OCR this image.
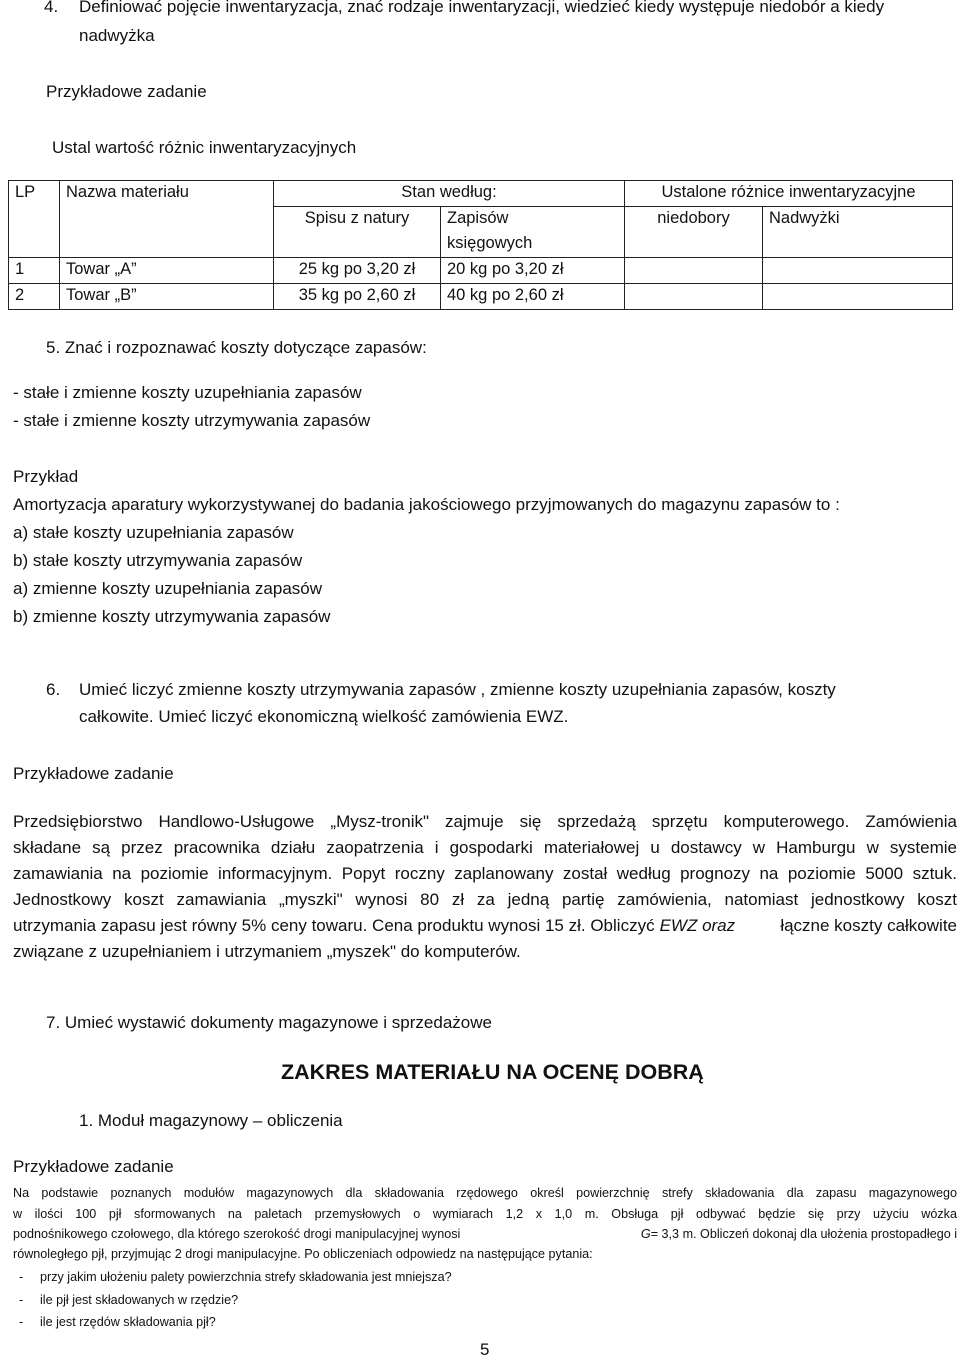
4. Definiować pojęcie inwentaryzacja, znać rodzaje inwentaryzacji, wiedzieć kiedy występuje niedobór a kiedy
nadwyżka
Przykładowe zadanie
Ustal wartość różnic inwentaryzacyjnych
LP	Nazwa materiału	Stan według:		Ustalone różnice inwentaryzacyjne	
		Spisu z natury	Zapisów	niedobory	Nadwyżki
			księgowych		
1	Towar „A”	25 kg po 3,20 zł	20 kg po 3,20 zł		
2	Towar „B”	35 kg po 2,60 zł	40 kg po 2,60 zł		
5. Znać i rozpoznawać koszty dotyczące zapasów:
- stałe i zmienne koszty uzupełniania zapasów
- stałe i zmienne koszty utrzymywania zapasów
Przykład
Amortyzacja aparatury wykorzystywanej do badania jakościowego przyjmowanych do magazynu zapasów to :
a) stałe koszty uzupełniania zapasów
b) stałe koszty utrzymywania zapasów
a) zmienne koszty uzupełniania zapasów
b) zmienne koszty utrzymywania zapasów
6. Umieć liczyć zmienne koszty utrzymywania zapasów , zmienne koszty uzupełniania zapasów, koszty
całkowite. Umieć liczyć ekonomiczną wielkość zamówienia EWZ.
Przykładowe zadanie
Przedsiębiorstwo Handlowo-Usługowe „Mysz-tronik" zajmuje się sprzedażą sprzętu komputerowego. Zamówienia
składane są przez pracownika działu zaopatrzenia i gospodarki materiałowej u dostawcy w Hamburgu w systemie
zamawiania na poziomie informacyjnym. Popyt roczny zaplanowany został według prognozy na poziomie 5000 sztuk.
Jednostkowy koszt zamawiania „myszki" wynosi 80 zł za jedną partię zamówienia, natomiast jednostkowy koszt
utrzymania zapasu jest równy 5% ceny towaru. Cena produktu wynosi 15 zł. Obliczyć EWZ oraz	łączne koszty całkowite
związane z uzupełnianiem i utrzymaniem „myszek" do komputerów.
7. Umieć wystawić dokumenty magazynowe i sprzedażowe
ZAKRES MATERIAŁU NA OCENĘ DOBRĄ
1. Moduł magazynowy – obliczenia
Przykładowe zadanie
Na podstawie poznanych modułów magazynowych dla składowania rzędowego określ powierzchnię strefy składowania dla zapasu magazynowego
w ilości 100 pjł sformowanych na paletach przemysłowych o wymiarach 1,2 x 1,0 m. Obsługa pjł odbywać będzie się przy użyciu wózka
podnośnikowego czołowego, dla którego szerokość drogi manipulacyjnej wynosi	G = 3,3 m. Obliczeń dokonaj dla ułożenia prostopadłego i
równoległego pjł, przyjmując 2 drogi manipulacyjne. Po obliczeniach odpowiedz na następujące pytania:
- przy jakim ułożeniu palety powierzchnia strefy składowania jest mniejsza?
- ile pjł jest składowanych w rzędzie?
- ile jest rzędów składowania pjł?
5
